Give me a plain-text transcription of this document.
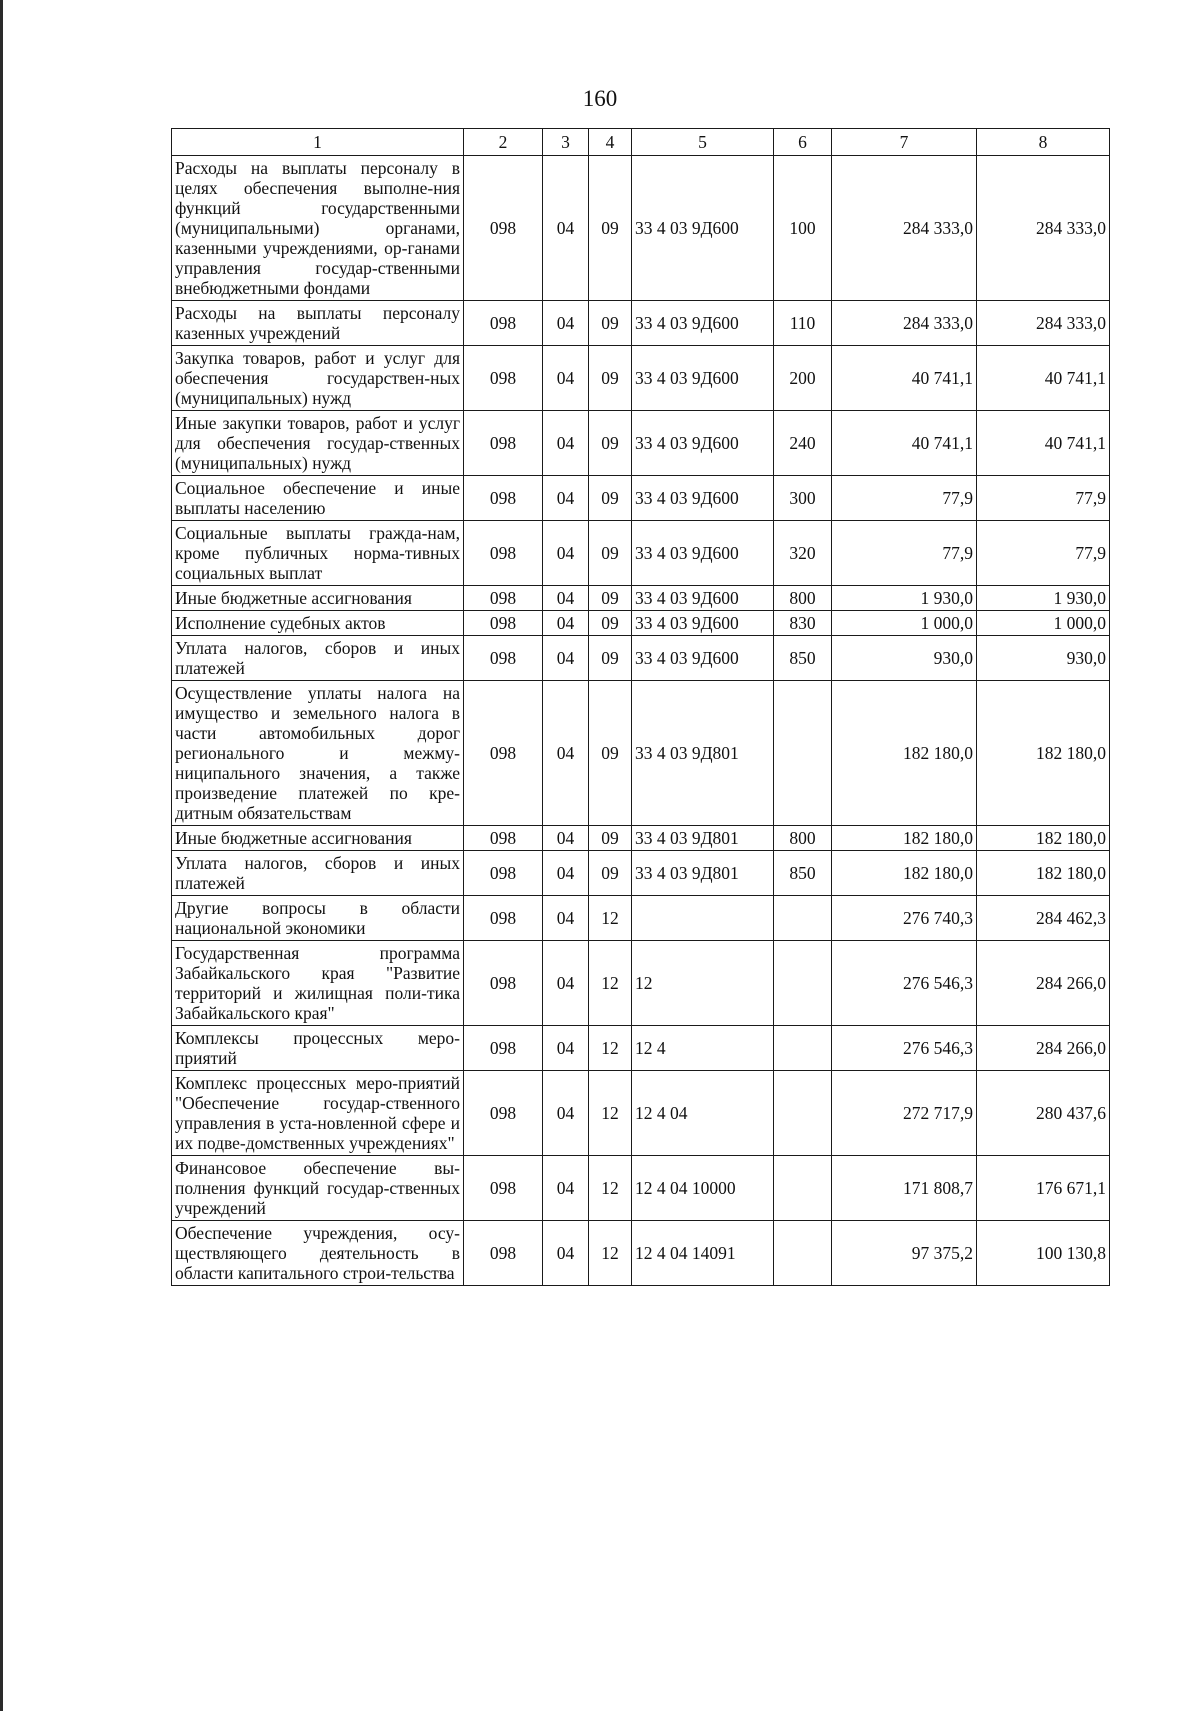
160
1	2	3	4	5	6	7	8
Расходы на выплаты персоналу в целях обеспечения выполне-ния функций государственными (муниципальными) органами, казенными учреждениями, ор-ганами управления государ-ственными внебюджетными фондами	098	04	09	33 4 03 9Д600	100	284 333,0	284 333,0
Расходы на выплаты персоналу казенных учреждений	098	04	09	33 4 03 9Д600	110	284 333,0	284 333,0
Закупка товаров, работ и услуг для обеспечения государствен-ных (муниципальных) нужд	098	04	09	33 4 03 9Д600	200	40 741,1	40 741,1
Иные закупки товаров, работ и услуг для обеспечения государ-ственных (муниципальных) нужд	098	04	09	33 4 03 9Д600	240	40 741,1	40 741,1
Социальное обеспечение и иные выплаты населению	098	04	09	33 4 03 9Д600	300	77,9	77,9
Социальные выплаты гражда-нам, кроме публичных норма-тивных социальных выплат	098	04	09	33 4 03 9Д600	320	77,9	77,9
Иные бюджетные ассигнования	098	04	09	33 4 03 9Д600	800	1 930,0	1 930,0
Исполнение судебных актов	098	04	09	33 4 03 9Д600	830	1 000,0	1 000,0
Уплата налогов, сборов и иных платежей	098	04	09	33 4 03 9Д600	850	930,0	930,0
Осуществление уплаты налога на имущество и земельного налога в части автомобильных дорог регионального и межму-ниципального значения, а также произведение платежей по кре-дитным обязательствам	098	04	09	33 4 03 9Д801		182 180,0	182 180,0
Иные бюджетные ассигнования	098	04	09	33 4 03 9Д801	800	182 180,0	182 180,0
Уплата налогов, сборов и иных платежей	098	04	09	33 4 03 9Д801	850	182 180,0	182 180,0
Другие вопросы в области национальной экономики	098	04	12			276 740,3	284 462,3
Государственная программа Забайкальского края "Развитие территорий и жилищная поли-тика Забайкальского края"	098	04	12	12		276 546,3	284 266,0
Комплексы процессных меро-приятий	098	04	12	12 4		276 546,3	284 266,0
Комплекс процессных меро-приятий "Обеспечение государ-ственного управления в уста-новленной сфере и их подве-домственных учреждениях"	098	04	12	12 4 04		272 717,9	280 437,6
Финансовое обеспечение вы-полнения функций государ-ственных учреждений	098	04	12	12 4 04 10000		171 808,7	176 671,1
Обеспечение учреждения, осу-ществляющего деятельность в области капитального строи-тельства	098	04	12	12 4 04 14091		97 375,2	100 130,8
